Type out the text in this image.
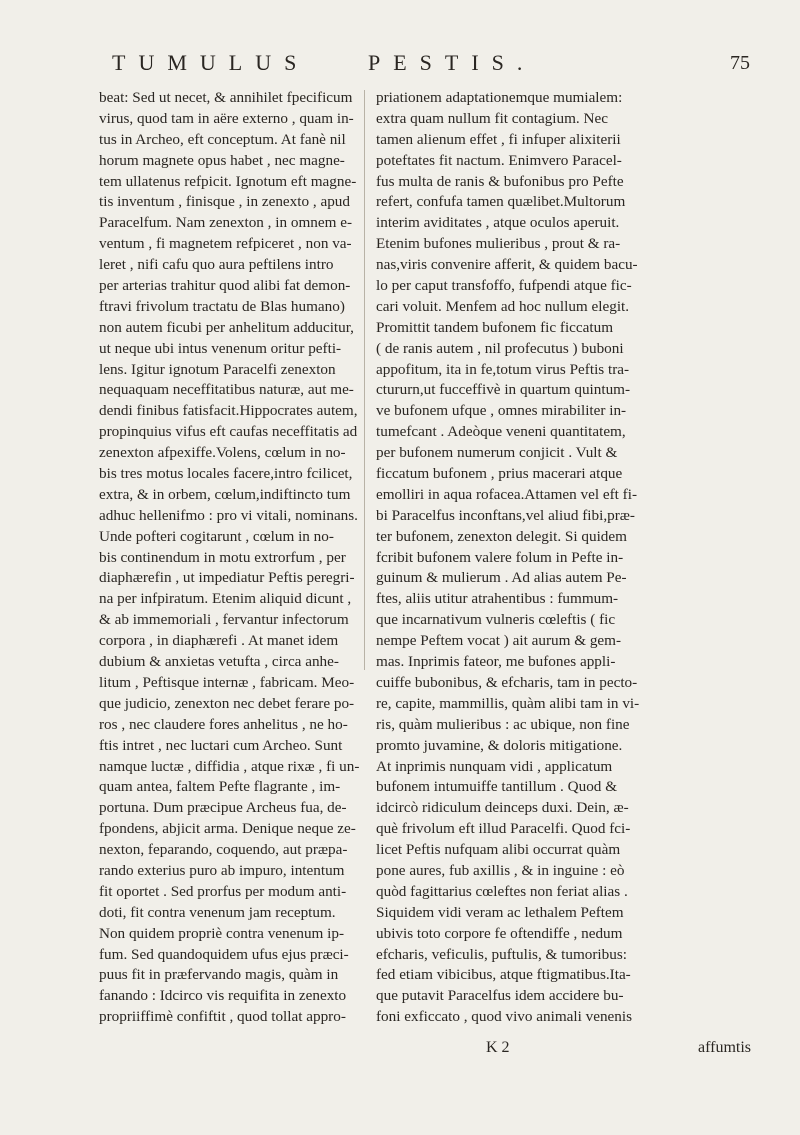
TUMULUS	PESTIS.	75
beat: Sed ut necet, & annihilet fpecificum
virus, quod tam in aëre externo , quam in-
tus in Archeo, eft conceptum. At fanè nil
horum magnete opus habet , nec magne-
tem ullatenus refpicit. Ignotum eft magne-
tis inventum , finisque , in zenexto , apud
Paracelfum. Nam zenexton , in omnem e-
ventum , fi magnetem refpiceret , non va-
leret , nifi cafu quo aura peftilens intro
per arterias trahitur quod alibi fat demon-
ftravi frivolum tractatu de Blas humano)
non autem ficubi per anhelitum adducitur,
ut neque ubi intus venenum oritur pefti-
lens. Igitur ignotum Paracelfi zenexton
nequaquam neceffitatibus naturæ, aut me-
dendi finibus fatisfacit.Hippocrates autem,
propinquius vifus eft caufas neceffitatis ad
zenexton afpexiffe.Volens, cœlum in no-
bis tres motus locales facere,intro fcilicet,
extra, & in orbem, cœlum,indiftincto tum
adhuc hellenifmo : pro vi vitali, nominans.
Unde pofteri cogitarunt , cœlum in no-
bis continendum in motu extrorfum , per
diaphærefin , ut impediatur Peftis peregri-
na per infpiratum. Etenim aliquid dicunt ,
& ab immemoriali , fervantur infectorum
corpora , in diaphærefi . At manet idem
dubium & anxietas vetufta , circa anhe-
litum , Peftisque internæ , fabricam. Meo-
que judicio, zenexton nec debet ferare po-
ros , nec claudere fores anhelitus , ne ho-
ftis intret , nec luctari cum Archeo. Sunt
namque luctæ , diffidia , atque rixæ , fi un-
quam antea, faltem Pefte flagrante , im-
portuna. Dum præcipue Archeus fua, de-
fpondens, abjicit arma. Denique neque ze-
nexton, feparando, coquendo, aut præpa-
rando exterius puro ab impuro, intentum
fit oportet . Sed prorfus per modum anti-
doti, fit contra venenum jam receptum.
Non quidem propriè contra venenum ip-
fum. Sed quandoquidem ufus ejus præci-
puus fit in præfervando magis, quàm in
fanando : Idcirco vis requifita in zenexto
propriiffimè confiftit , quod tollat appro-
priationem adaptationemque mumialem:
extra quam nullum fit contagium. Nec
tamen alienum effet , fi infuper alixiterii
poteftates fit nactum. Enimvero Paracel-
fus multa de ranis & bufonibus pro Pefte
refert, confufa tamen quælibet.Multorum
interim aviditates , atque oculos aperuit.
Etenim bufones mulieribus , prout & ra-
nas,viris convenire afferit, & quidem bacu-
lo per caput transfoffo, fufpendi atque fic-
cari voluit. Menfem ad hoc nullum elegit.
Promittit tandem bufonem fic ficcatum
( de ranis autem , nil profecutus ) buboni
appofitum, ita in fe,totum virus Peftis tra-
ctururn,ut fucceffivè in quartum quintum-
ve bufonem ufque , omnes mirabiliter in-
tumefcant . Adeòque veneni quantitatem,
per bufonem numerum conjicit . Vult &
ficcatum bufonem , prius macerari atque
emolliri in aqua rofacea.Attamen vel eft fi-
bi Paracelfus inconftans,vel aliud fibi,præ-
ter bufonem, zenexton delegit. Si quidem
fcribit bufonem valere folum in Pefte in-
guinum & mulierum . Ad alias autem Pe-
ftes, aliis utitur atrahentibus : fummum-
que incarnativum vulneris cœleftis ( fic
nempe Peftem vocat ) ait aurum & gem-
mas. Inprimis fateor, me bufones appli-
cuiffe bubonibus, & efcharis, tam in pecto-
re, capite, mammillis, quàm alibi tam in vi-
ris, quàm mulieribus : ac ubique, non fine
promto juvamine, & doloris mitigatione.
At inprimis nunquam vidi , applicatum
bufonem intumuiffe tantillum . Quod &
idcircò ridiculum deinceps duxi. Dein, æ-
què frivolum eft illud Paracelfi. Quod fci-
licet Peftis nufquam alibi occurrat quàm
pone aures, fub axillis , & in inguine : eò
quòd fagittarius cœleftes non feriat alias .
Siquidem vidi veram ac lethalem Peftem
ubivis toto corpore fe oftendiffe , nedum
efcharis, veficulis, puftulis, & tumoribus:
fed etiam vibicibus, atque ftigmatibus.Ita-
que putavit Paracelfus idem accidere bu-
foni exficcato , quod vivo animali venenis
K 2	affumtis
